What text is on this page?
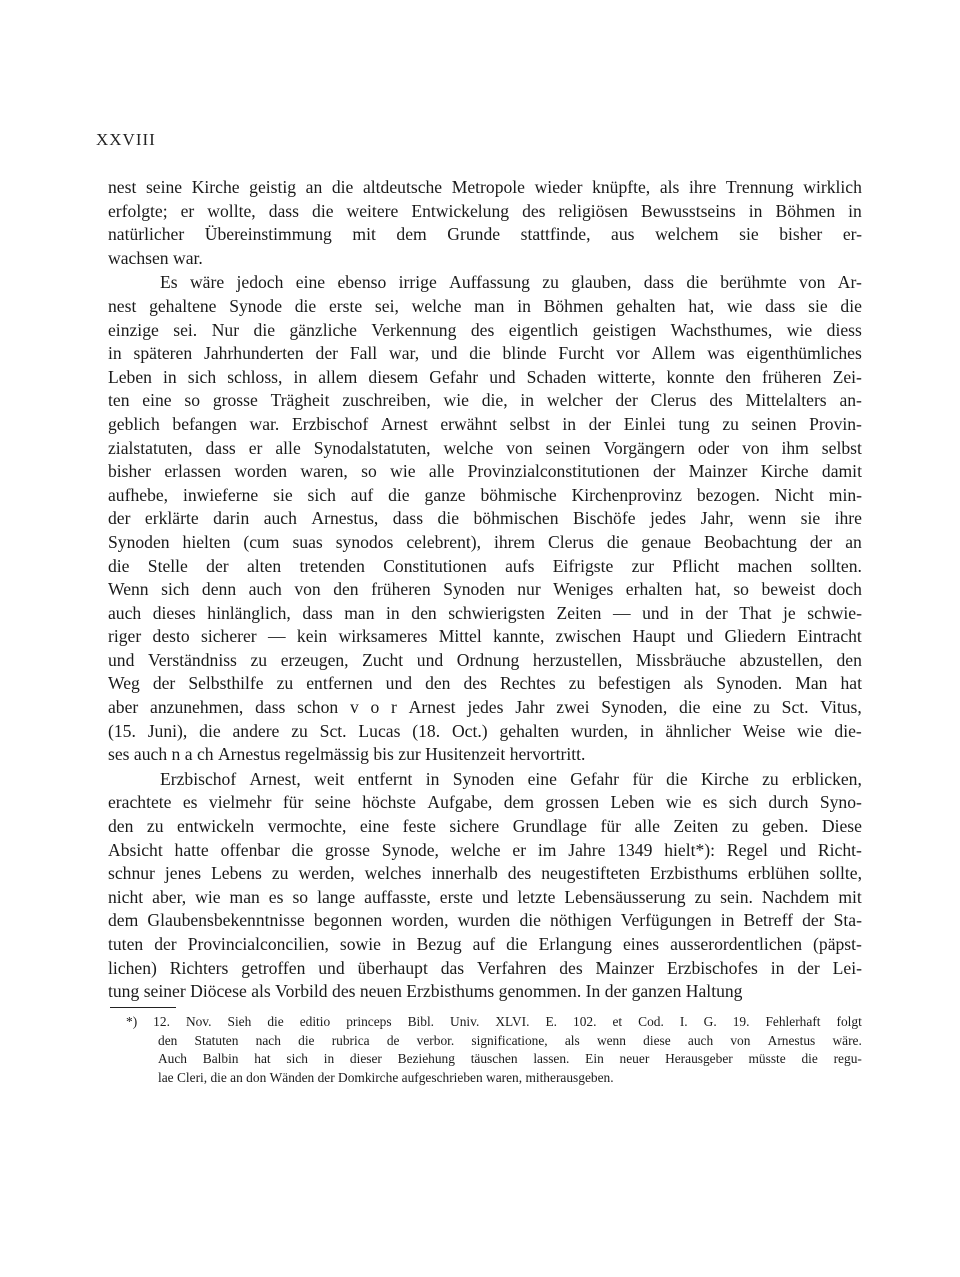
XXVIII
nest seine Kirche geistig an die altdeutsche Metropole wieder knüpfte, als ihre Trennung wirklich
erfolgte; er wollte, dass die weitere Entwickelung des religiösen Bewusstseins in Böhmen in
natürlicher Übereinstimmung mit dem Grunde stattfinde, aus welchem sie bisher er-
wachsen war.
Es wäre jedoch eine ebenso irrige Auffassung zu glauben, dass die berühmte von Ar-
nest gehaltene Synode die erste sei, welche man in Böhmen gehalten hat, wie dass sie die
einzige sei. Nur die gänzliche Verkennung des eigentlich geistigen Wachsthumes, wie diess
in späteren Jahrhunderten der Fall war, und die blinde Furcht vor Allem was eigenthümliches
Leben in sich schloss, in allem diesem Gefahr und Schaden witterte, konnte den früheren Zei-
ten eine so grosse Trägheit zuschreiben, wie die, in welcher der Clerus des Mittelalters an-
geblich befangen war. Erzbischof Arnest erwähnt selbst in der Einlei tung zu seinen Provin-
zialstatuten, dass er alle Synodalstatuten, welche von seinen Vorgängern oder von ihm selbst
bisher erlassen worden waren, so wie alle Provinzialconstitutionen der Mainzer Kirche damit
aufhebe, inwieferne sie sich auf die ganze böhmische Kirchenprovinz bezogen. Nicht min-
der erklärte darin auch Arnestus, dass die böhmischen Bischöfe jedes Jahr, wenn sie ihre
Synoden hielten (cum suas synodos celebrent), ihrem Clerus die genaue Beobachtung der an
die Stelle der alten tretenden Constitutionen aufs Eifrigste zur Pflicht machen sollten.
Wenn sich denn auch von den früheren Synoden nur Weniges erhalten hat, so beweist doch
auch dieses hinlänglich, dass man in den schwierigsten Zeiten — und in der That je schwie-
riger desto sicherer — kein wirksameres Mittel kannte, zwischen Haupt und Gliedern Eintracht
und Verständniss zu erzeugen, Zucht und Ordnung herzustellen, Missbräuche abzustellen, den
Weg der Selbsthilfe zu entfernen und den des Rechtes zu befestigen als Synoden. Man hat
aber anzunehmen, dass schon v o r Arnest jedes Jahr zwei Synoden, die eine zu Sct. Vitus,
(15. Juni), die andere zu Sct. Lucas (18. Oct.) gehalten wurden, in ähnlicher Weise wie die-
ses auch n a ch Arnestus regelmässig bis zur Husitenzeit hervortritt.
Erzbischof Arnest, weit entfernt in Synoden eine Gefahr für die Kirche zu erblicken,
erachtete es vielmehr für seine höchste Aufgabe, dem grossen Leben wie es sich durch Syno-
den zu entwickeln vermochte, eine feste sichere Grundlage für alle Zeiten zu geben. Diese
Absicht hatte offenbar die grosse Synode, welche er im Jahre 1349 hielt*): Regel und Richt-
schnur jenes Lebens zu werden, welches innerhalb des neugestifteten Erzbisthums erblühen sollte,
nicht aber, wie man es so lange auffasste, erste und letzte Lebensäusserung zu sein. Nachdem mit
dem Glaubensbekenntnisse begonnen worden, wurden die nöthigen Verfügungen in Betreff der Sta-
tuten der Provincialconcilien, sowie in Bezug auf die Erlangung eines ausserordentlichen (päpst-
lichen) Richters getroffen und überhaupt das Verfahren des Mainzer Erzbischofes in der Lei-
tung seiner Diöcese als Vorbild des neuen Erzbisthums genommen. In der ganzen Haltung
*) 12. Nov. Sieh die editio princeps Bibl. Univ. XLVI. E. 102. et Cod. I. G. 19. Fehlerhaft folgt
den Statuten nach die rubrica de verbor. significatione, als wenn diese auch von Arnestus wäre.
Auch Balbin hat sich in dieser Beziehung täuschen lassen. Ein neuer Herausgeber müsste die regu-
lae Cleri, die an don Wänden der Domkirche aufgeschrieben waren, mitherausgeben.
